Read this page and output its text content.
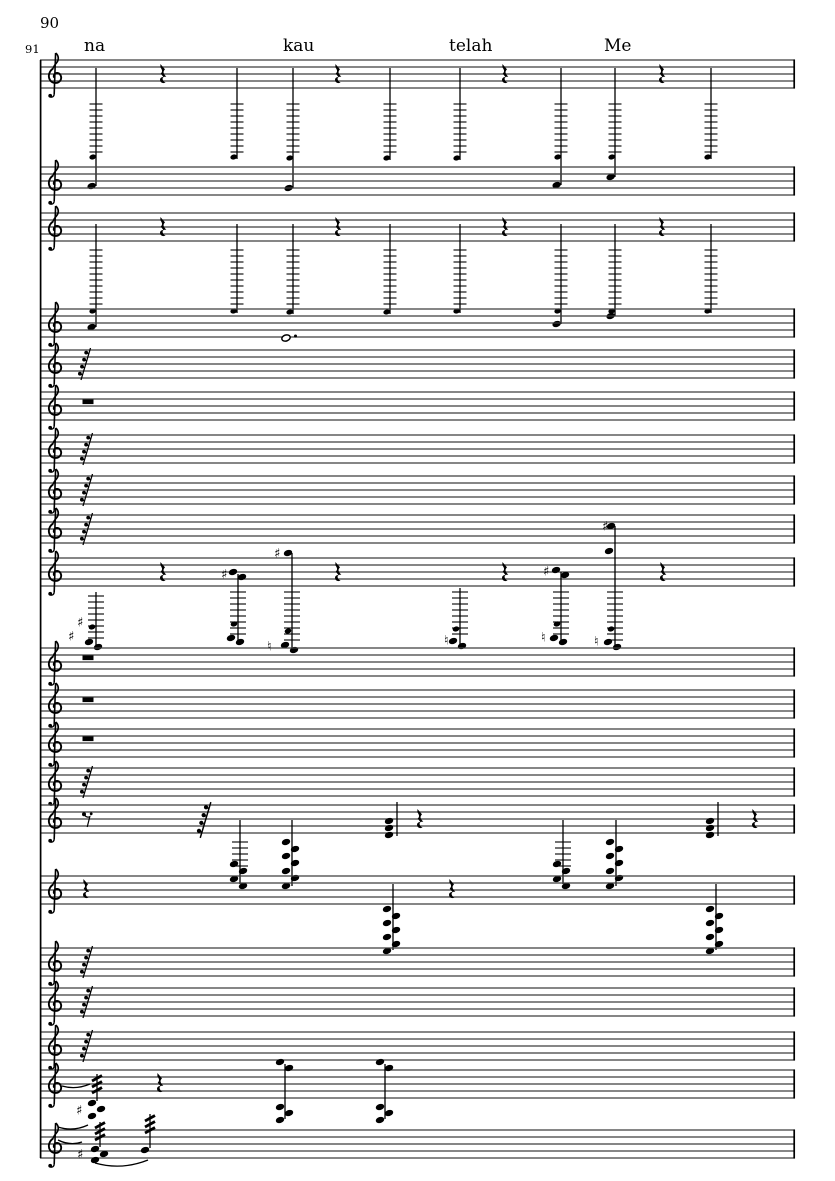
90
91	na	kau	telah	Me
♯
♯
♯
♯
♮	♮
♯
♮
♯
♮
♯
♯
